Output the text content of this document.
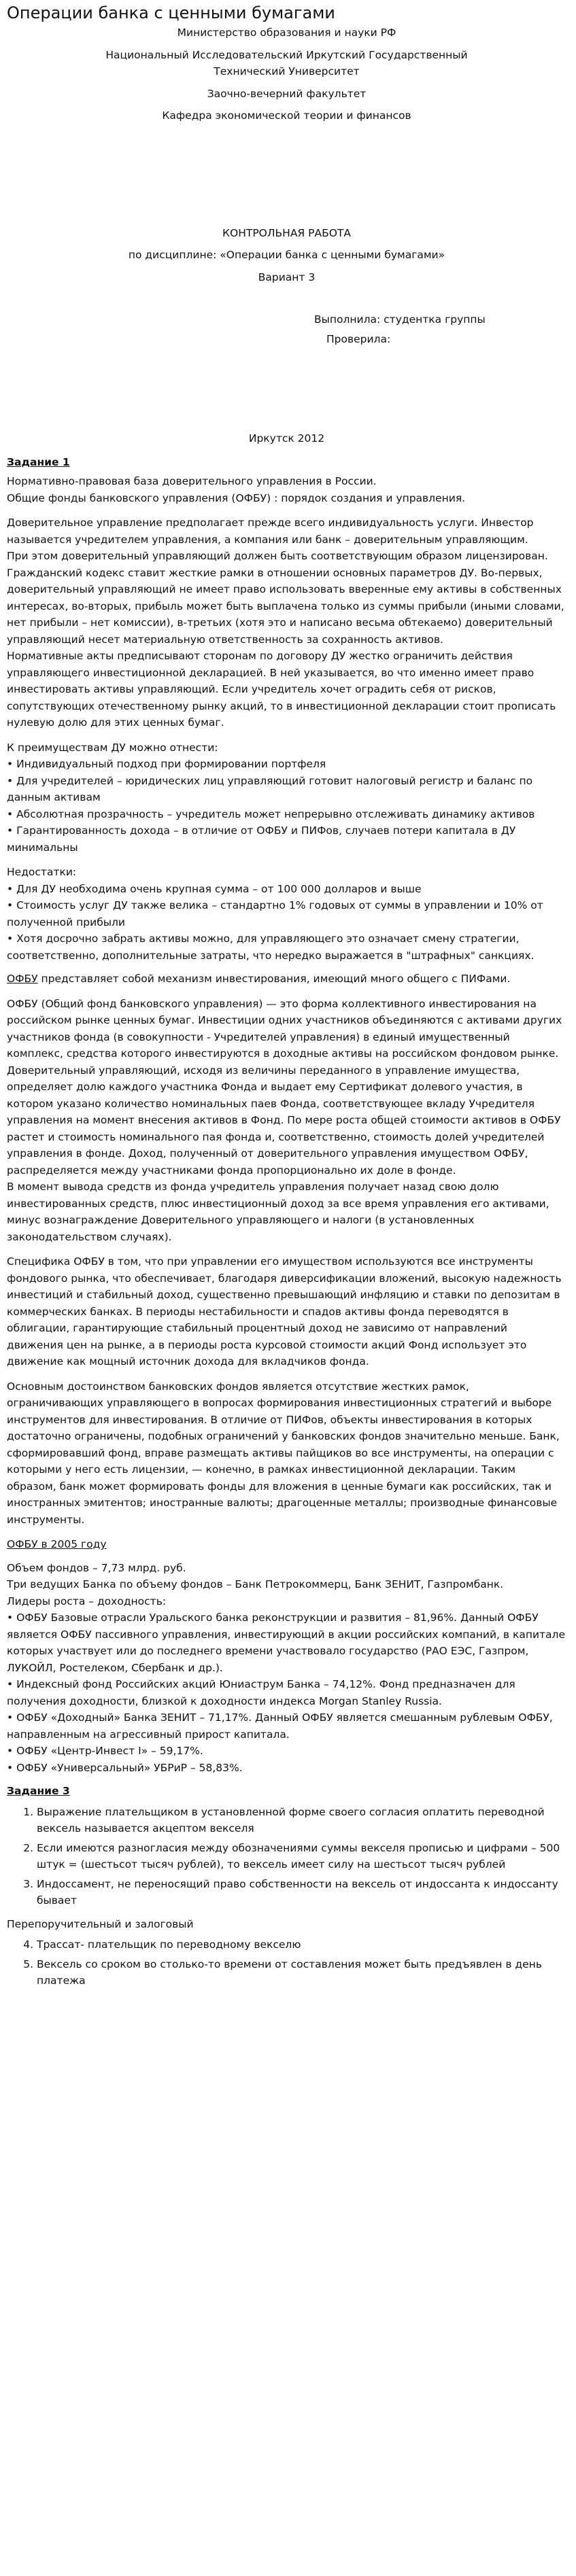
Операции банка с ценными бумагами
Министерство образования и науки РФ
Национальный Исследовательский Иркутский Государственный
Технический Университет
Заочно-вечерний факультет
Кафедра экономической теории и финансов
КОНТРОЛЬНАЯ РАБОТА
по дисциплине: «Операции банка с ценными бумагами»
Вариант 3
Выполнила: студентка группы
Проверила:
Иркутск 2012
Задание 1
Нормативно-правовая база доверительного управления в России.
Общие фонды банковского управления (ОФБУ) : порядок создания и управления.

Доверительное управление предполагает прежде всего индивидуальность услуги. Инвестор называется учредителем управления, а компания или банк – доверительным управляющим.

При этом доверительный управляющий должен быть соответствующим образом лицензирован.

Гражданский кодекс ставит жесткие рамки в отношении основных параметров ДУ. Во-первых, доверительный управляющий не имеет право использовать вверенные ему активы в собственных интересах, во-вторых, прибыль может быть выплачена только из суммы прибыли (иными словами, нет прибыли – нет комиссии), в-третьих (хотя это и написано весьма обтекаемо) доверительный управляющий несет материальную ответственность за сохранность активов.

Нормативные акты предписывают сторонам по договору ДУ жестко ограничить действия управляющего инвестиционной декларацией. В ней указывается, во что именно имеет право инвестировать активы управляющий. Если учредитель хочет оградить себя от рисков, сопутствующих отечественному рынку акций, то в инвестиционной декларации стоит прописать нулевую долю для этих ценных бумаг.

К преимуществам ДУ можно отнести:
• Индивидуальный подход при формировании портфеля
• Для учредителей – юридических лиц управляющий готовит налоговый регистр и баланс по данным активам
• Абсолютная прозрачность – учредитель может непрерывно отслеживать динамику активов
• Гарантированность дохода – в отличие от ОФБУ и ПИФов, случаев потери капитала в ДУ минимальны
Недостатки:
• Для ДУ необходима очень крупная сумма – от 100 000 долларов и выше
• Стоимость услуг ДУ также велика – стандартно 1% годовых от суммы в управлении и 10% от полученной прибыли
• Хотя досрочно забрать активы можно, для управляющего это означает смену стратегии, соответственно, дополнительные затраты, что нередко выражается в "штрафных" санкциях.

ОФБУ представляет собой механизм инвестирования, имеющий много общего с ПИФами.

ОФБУ (Общий фонд банковского управления) — это форма коллективного инвестирования на российском рынке ценных бумаг. Инвестиции одних участников объединяются с активами других участников фонда (в совокупности - Учредителей управления) в единый имущественный комплекс, средства которого инвестируются в доходные активы на российском фондовом рынке.

Доверительный управляющий, исходя из величины переданного в управление имущества, определяет долю каждого участника Фонда и выдает ему Сертификат долевого участия, в котором указано количество номинальных паев Фонда, соответствующее вкладу Учредителя управления на момент внесения активов в Фонд. По мере роста общей стоимости активов в ОФБУ растет и стоимость номинального пая фонда и, соответственно, стоимость долей учредителей управления в фонде. Доход, полученный от доверительного управления имуществом ОФБУ, распределяется между участниками фонда пропорционально их доле в фонде.

В момент вывода средств из фонда учредитель управления получает назад свою долю инвестированных средств, плюс инвестиционный доход за все время управления его активами, минус вознаграждение Доверительного управляющего и налоги (в установленных законодательством случаях).

Специфика ОФБУ в том, что при управлении его имуществом используются все инструменты фондового рынка, что обеспечивает, благодаря диверсификации вложений, высокую надежность инвестиций и стабильный доход, существенно превышающий инфляцию и ставки по депозитам в коммерческих банках. В периоды нестабильности и спадов активы фонда переводятся в облигации, гарантирующие стабильный процентный доход не зависимо от направлений движения цен на рынке, а в периоды роста курсовой стоимости акций Фонд использует это движение как мощный источник дохода для вкладчиков фонда.

Основным достоинством банковских фондов является отсутствие жестких рамок, ограничивающих управляющего в вопросах формирования инвестиционных стратегий и выборе инструментов для инвестирования. В отличие от ПИФов, объекты инвестирования в которых достаточно ограничены, подобных ограничений у банковских фондов значительно меньше. Банк, сформировавший фонд, вправе размещать активы пайщиков во все инструменты, на операции с которыми у него есть лицензии, — конечно, в рамках инвестиционной декларации. Таким образом, банк может формировать фонды для вложения в ценные бумаги как российских, так и иностранных эмитентов; иностранные валюты; драгоценные металлы; производные финансовые инструменты.

ОФБУ в 2005 году
Объем фондов – 7,73 млрд. руб.
Три ведущих Банка по объему фондов – Банк Петрокоммерц, Банк ЗЕНИТ, Газпромбанк.
Лидеры роста – доходность:
• ОФБУ Базовые отрасли Уральского банка реконструкции и развития – 81,96%. Данный ОФБУ является ОФБУ пассивного управления, инвестирующий в акции российских компаний, в капитале которых участвует или до последнего времени участвовало государство (РАО ЕЭС, Газпром, ЛУКОЙЛ, Ростелеком, Сбербанк и др.).
• Индексный фонд Российских акций Юниаструм Банка – 74,12%. Фонд предназначен для получения доходности, близкой к доходности индекса Morgan Stanley Russia.
• ОФБУ «Доходный» Банка ЗЕНИТ – 71,17%. Данный ОФБУ является смешанным рублевым ОФБУ, направленным на агрессивный прирост капитала.
• ОФБУ «Центр-Инвест I» – 59,17%.
• ОФБУ «Универсальный» УБРиР – 58,83%.
Задание 3
1. Выражение плательщиком в установленной форме своего согласия оплатить переводной вексель называется акцептом векселя
2. Если имеются разногласия между обозначениями суммы векселя прописью и цифрами – 500 штук = (шестьсот тысяч рублей), то вексель имеет силу на шестьсот тысяч рублей
3. Индоссамент, не переносящий право собственности на вексель от индоссанта к индоссанту бывает
Перепоручительный и залоговый
4. Трассат- плательщик по переводному векселю
5. Вексель со сроком во столько-то времени от составления может быть предъявлен в день платежа
